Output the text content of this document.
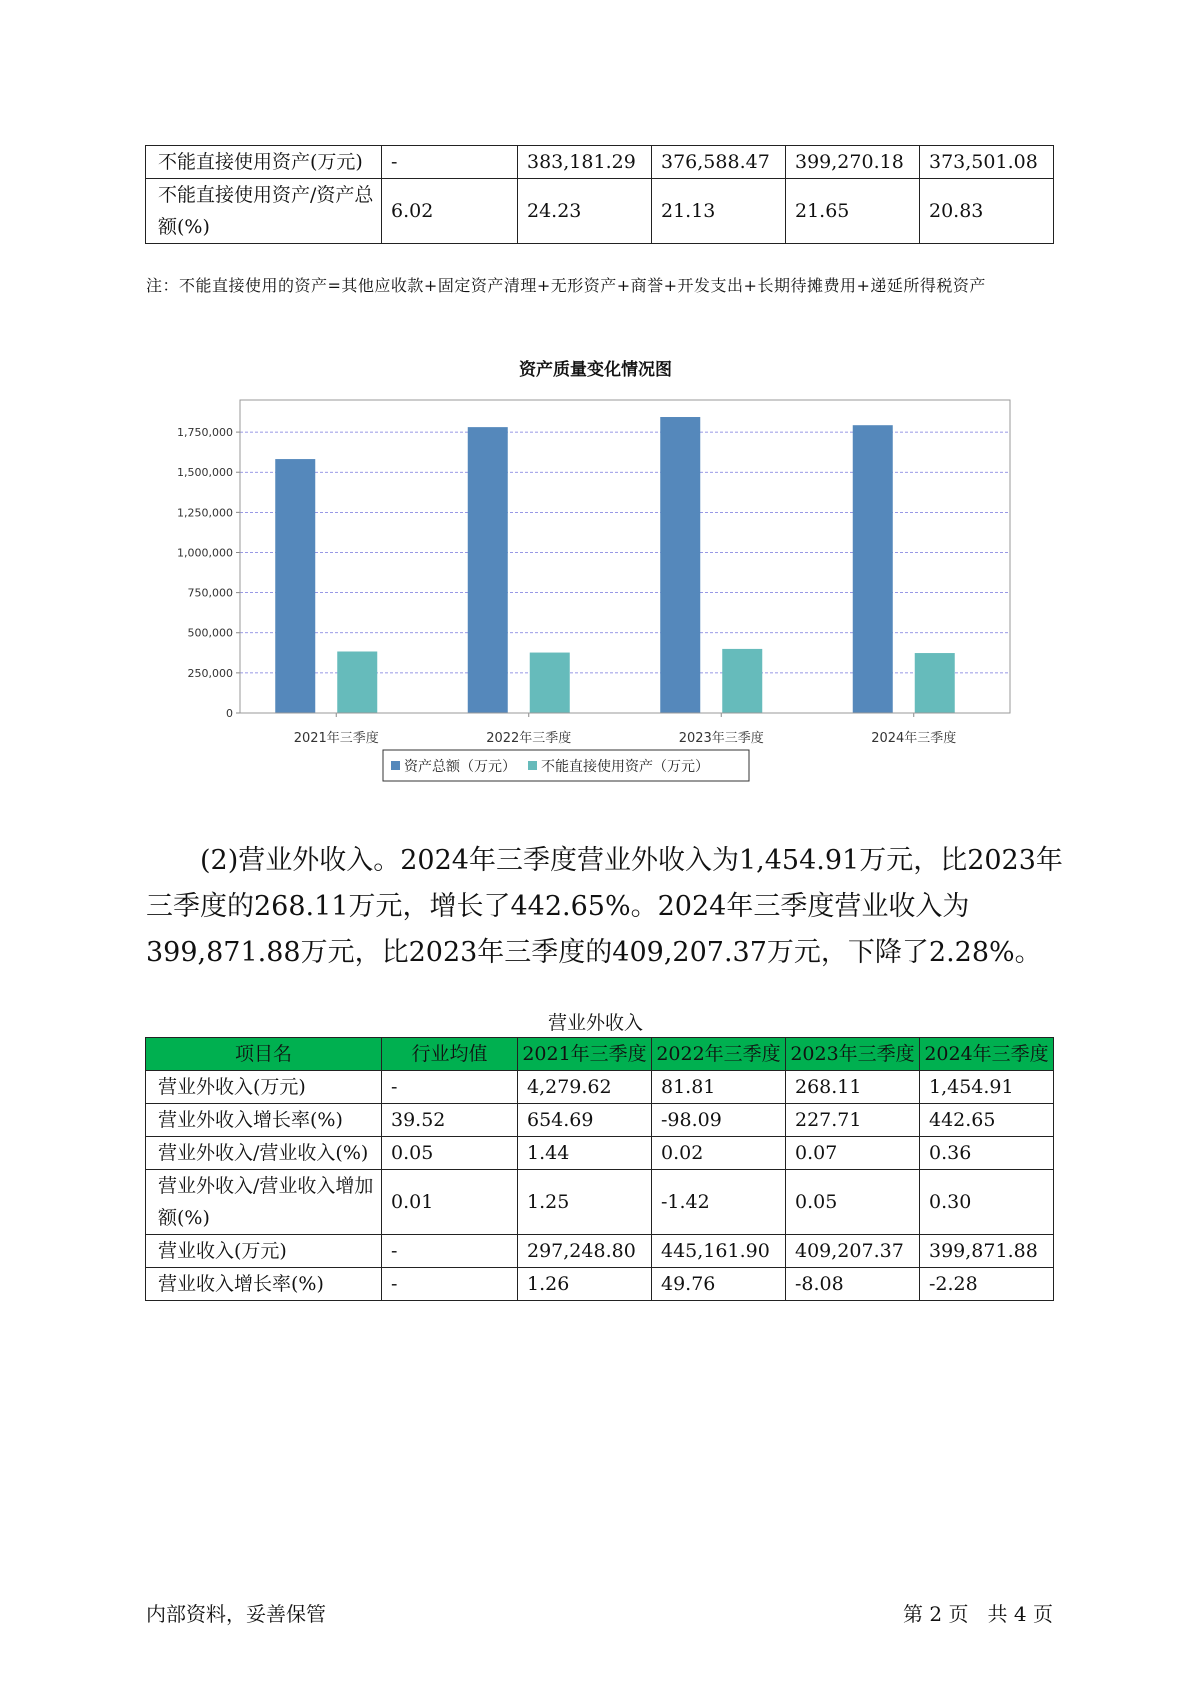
不能直接使用资产(万元)	-	383,181.29	376,588.47	399,270.18	373,501.08
不能直接使用资产/资产总额(%)	6.02	24.23	21.13	21.65	20.83
注：不能直接使用的资产=其他应收款+固定资产清理+无形资产+商誉+开发支出+长期待摊费用+递延所得税资产
资产质量变化情况图
0
250,000
500,000
750,000
1,000,000
1,250,000
1,500,000
1,750,000
2021年三季度	2022年三季度	2023年三季度	2024年三季度
资产总额（万元） 不能直接使用资产（万元）

(2)营业外收入。2024年三季度营业外收入为1,454.91万元，比2023年三季度的268.11万元，增长了442.65%。2024年三季度营业收入为399,871.88万元，比2023年三季度的409,207.37万元，下降了2.28%。

营业外收入
项目名	行业均值	2021年三季度	2022年三季度	2023年三季度	2024年三季度
营业外收入(万元)	-	4,279.62	81.81	268.11	1,454.91
营业外收入增长率(%)	39.52	654.69	-98.09	227.71	442.65
营业外收入/营业收入(%)	0.05	1.44	0.02	0.07	0.36
营业外收入/营业收入增加额(%)	0.01	1.25	-1.42	0.05	0.30
营业收入(万元)	-	297,248.80	445,161.90	409,207.37	399,871.88
营业收入增长率(%)	-	1.26	49.76	-8.08	-2.28
内部资料，妥善保管	第 2 页   共 4 页
